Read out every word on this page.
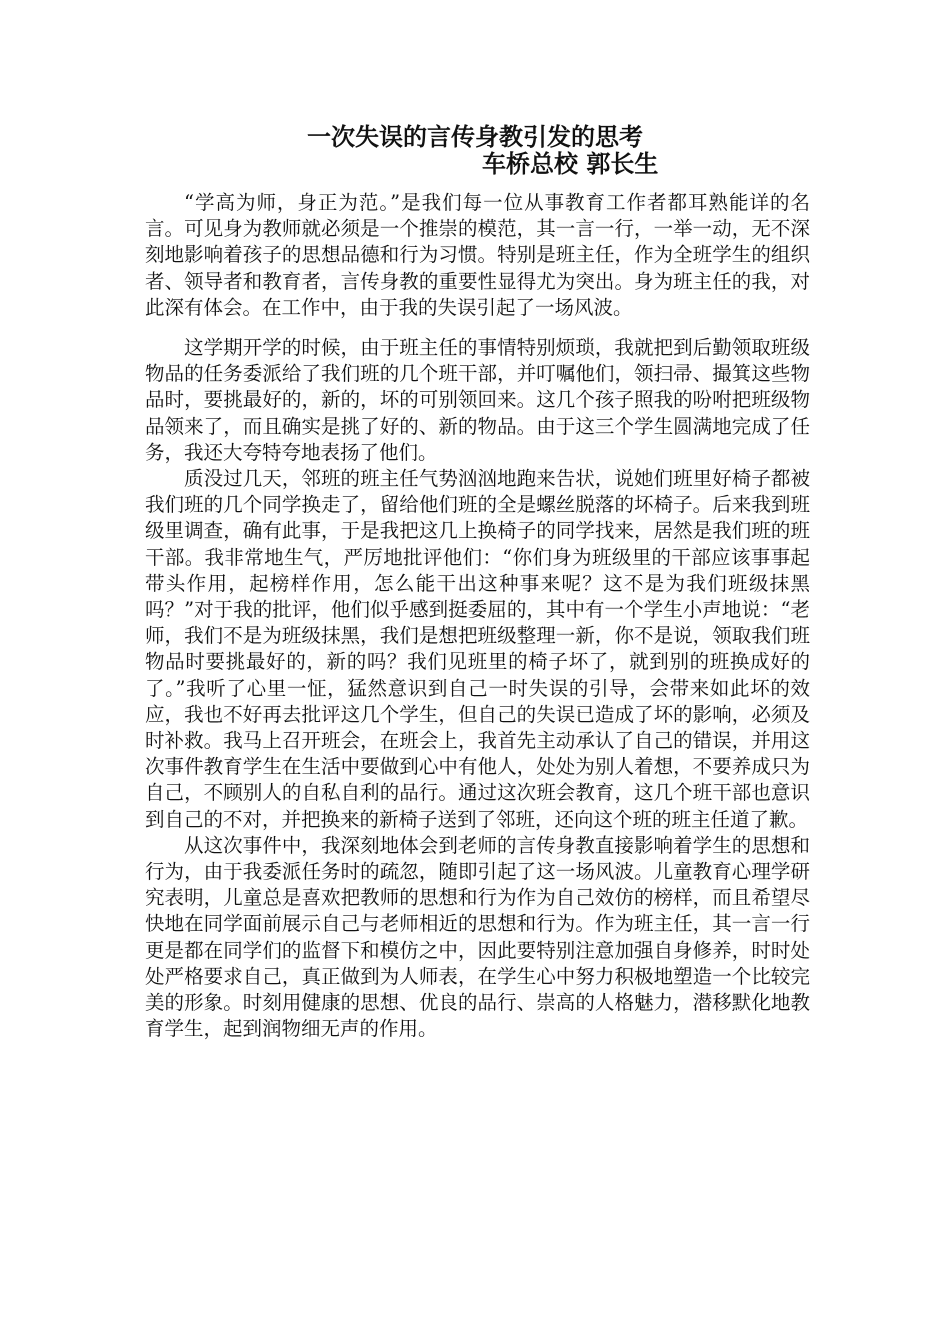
一次失误的言传身教引发的思考
车桥总校 郭长生

“学高为师，身正为范。”是我们每一位从事教育工作者都耳熟能详的名言。可见身为教师就必须是一个推崇的模范，其一言一行，一举一动，无不深刻地影响着孩子的思想品德和行为习惯。特别是班主任，作为全班学生的组织者、领导者和教育者，言传身教的重要性显得尤为突出。身为班主任的我，对此深有体会。在工作中，由于我的失误引起了一场风波。

这学期开学的时候，由于班主任的事情特别烦琐，我就把到后勤领取班级物品的任务委派给了我们班的几个班干部，并叮嘱他们，领扫帚、撮箕这些物品时，要挑最好的，新的，坏的可别领回来。这几个孩子照我的吩咐把班级物品领来了，而且确实是挑了好的、新的物品。由于这三个学生圆满地完成了任务，我还大夸特夸地表扬了他们。

质没过几天，邻班的班主任气势汹汹地跑来告状，说她们班里好椅子都被我们班的几个同学换走了，留给他们班的全是螺丝脱落的坏椅子。后来我到班级里调查，确有此事，于是我把这几上换椅子的同学找来，居然是我们班的班干部。我非常地生气，严厉地批评他们：“你们身为班级里的干部应该事事起带头作用，起榜样作用，怎么能干出这种事来呢？这不是为我们班级抹黑吗？”对于我的批评，他们似乎感到挺委屈的，其中有一个学生小声地说：“老师，我们不是为班级抹黑，我们是想把班级整理一新，你不是说，领取我们班物品时要挑最好的，新的吗？我们见班里的椅子坏了，就到别的班换成好的了。”我听了心里一怔，猛然意识到自己一时失误的引导，会带来如此坏的效应，我也不好再去批评这几个学生，但自己的失误已造成了坏的影响，必须及时补救。我马上召开班会，在班会上，我首先主动承认了自己的错误，并用这次事件教育学生在生活中要做到心中有他人，处处为别人着想，不要养成只为自己，不顾别人的自私自利的品行。通过这次班会教育，这几个班干部也意识到自己的不对，并把换来的新椅子送到了邻班，还向这个班的班主任道了歉。

从这次事件中，我深刻地体会到老师的言传身教直接影响着学生的思想和行为，由于我委派任务时的疏忽，随即引起了这一场风波。儿童教育心理学研究表明，儿童总是喜欢把教师的思想和行为作为自己效仿的榜样，而且希望尽快地在同学面前展示自己与老师相近的思想和行为。作为班主任，其一言一行更是都在同学们的监督下和模仿之中，因此要特别注意加强自身修养，时时处处严格要求自己，真正做到为人师表，在学生心中努力积极地塑造一个比较完美的形象。时刻用健康的思想、优良的品行、崇高的人格魅力，潜移默化地教育学生，起到润物细无声的作用。
